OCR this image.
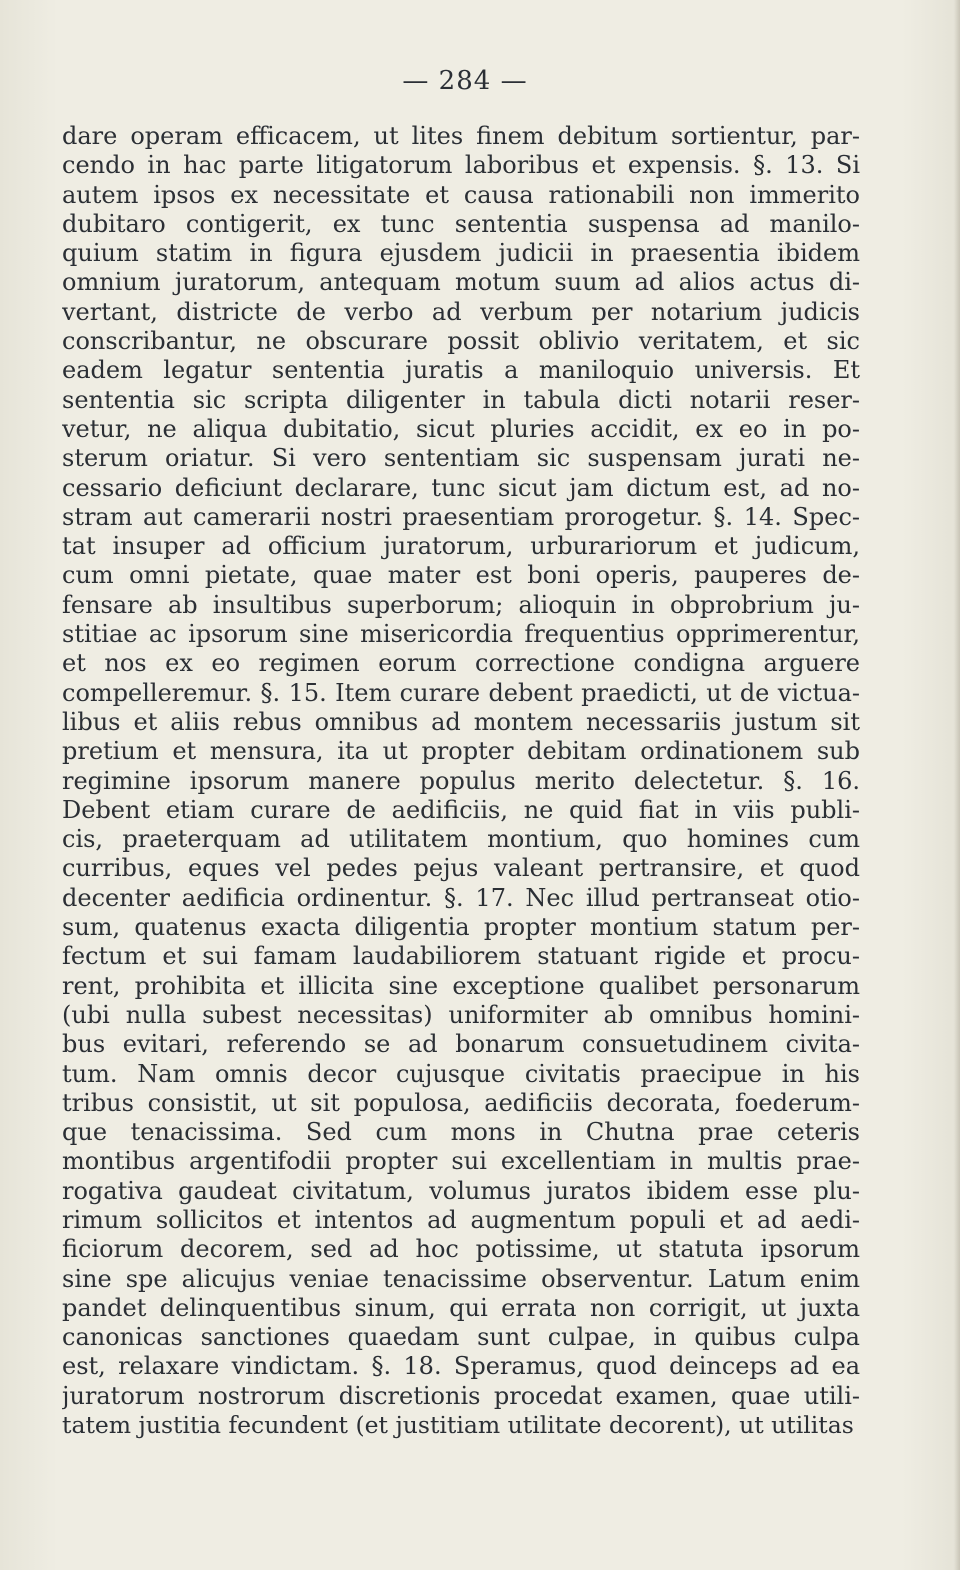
— 284 —
dare operam efficacem, ut lites finem debitum sortientur, par-
cendo in hac parte litigatorum laboribus et expensis. §. 13. Si
autem ipsos ex necessitate et causa rationabili non immerito
dubitaro contigerit, ex tunc sententia suspensa ad manilo-
quium statim in figura ejusdem judicii in praesentia ibidem
omnium juratorum, antequam motum suum ad alios actus di-
vertant, districte de verbo ad verbum per notarium judicis
conscribantur, ne obscurare possit oblivio veritatem, et sic
eadem legatur sententia juratis a maniloquio universis. Et
sententia sic scripta diligenter in tabula dicti notarii reser-
vetur, ne aliqua dubitatio, sicut pluries accidit, ex eo in po-
sterum oriatur. Si vero sententiam sic suspensam jurati ne-
cessario deficiunt declarare, tunc sicut jam dictum est, ad no-
stram aut camerarii nostri praesentiam prorogetur. §. 14. Spec-
tat insuper ad officium juratorum, urburariorum et judicum,
cum omni pietate, quae mater est boni operis, pauperes de-
fensare ab insultibus superborum; alioquin in obprobrium ju-
stitiae ac ipsorum sine misericordia frequentius opprimerentur,
et nos ex eo regimen eorum correctione condigna arguere
compelleremur. §. 15. Item curare debent praedicti, ut de victua-
libus et aliis rebus omnibus ad montem necessariis justum sit
pretium et mensura, ita ut propter debitam ordinationem sub
regimine ipsorum manere populus merito delectetur. §. 16.
Debent etiam curare de aedificiis, ne quid fiat in viis publi-
cis, praeterquam ad utilitatem montium, quo homines cum
curribus, eques vel pedes pejus valeant pertransire, et quod
decenter aedificia ordinentur. §. 17. Nec illud pertranseat otio-
sum, quatenus exacta diligentia propter montium statum per-
fectum et sui famam laudabiliorem statuant rigide et procu-
rent, prohibita et illicita sine exceptione qualibet personarum
(ubi nulla subest necessitas) uniformiter ab omnibus homini-
bus evitari, referendo se ad bonarum consuetudinem civita-
tum. Nam omnis decor cujusque civitatis praecipue in his
tribus consistit, ut sit populosa, aedificiis decorata, foederum-
que tenacissima. Sed cum mons in Chutna prae ceteris
montibus argentifodii propter sui excellentiam in multis prae-
rogativa gaudeat civitatum, volumus juratos ibidem esse plu-
rimum sollicitos et intentos ad augmentum populi et ad aedi-
ficiorum decorem, sed ad hoc potissime, ut statuta ipsorum
sine spe alicujus veniae tenacissime observentur. Latum enim
pandet delinquentibus sinum, qui errata non corrigit, ut juxta
canonicas sanctiones quaedam sunt culpae, in quibus culpa
est, relaxare vindictam. §. 18. Speramus, quod deinceps ad ea
juratorum nostrorum discretionis procedat examen, quae utili-
tatem justitia fecundent (et justitiam utilitate decorent), ut utilitas
